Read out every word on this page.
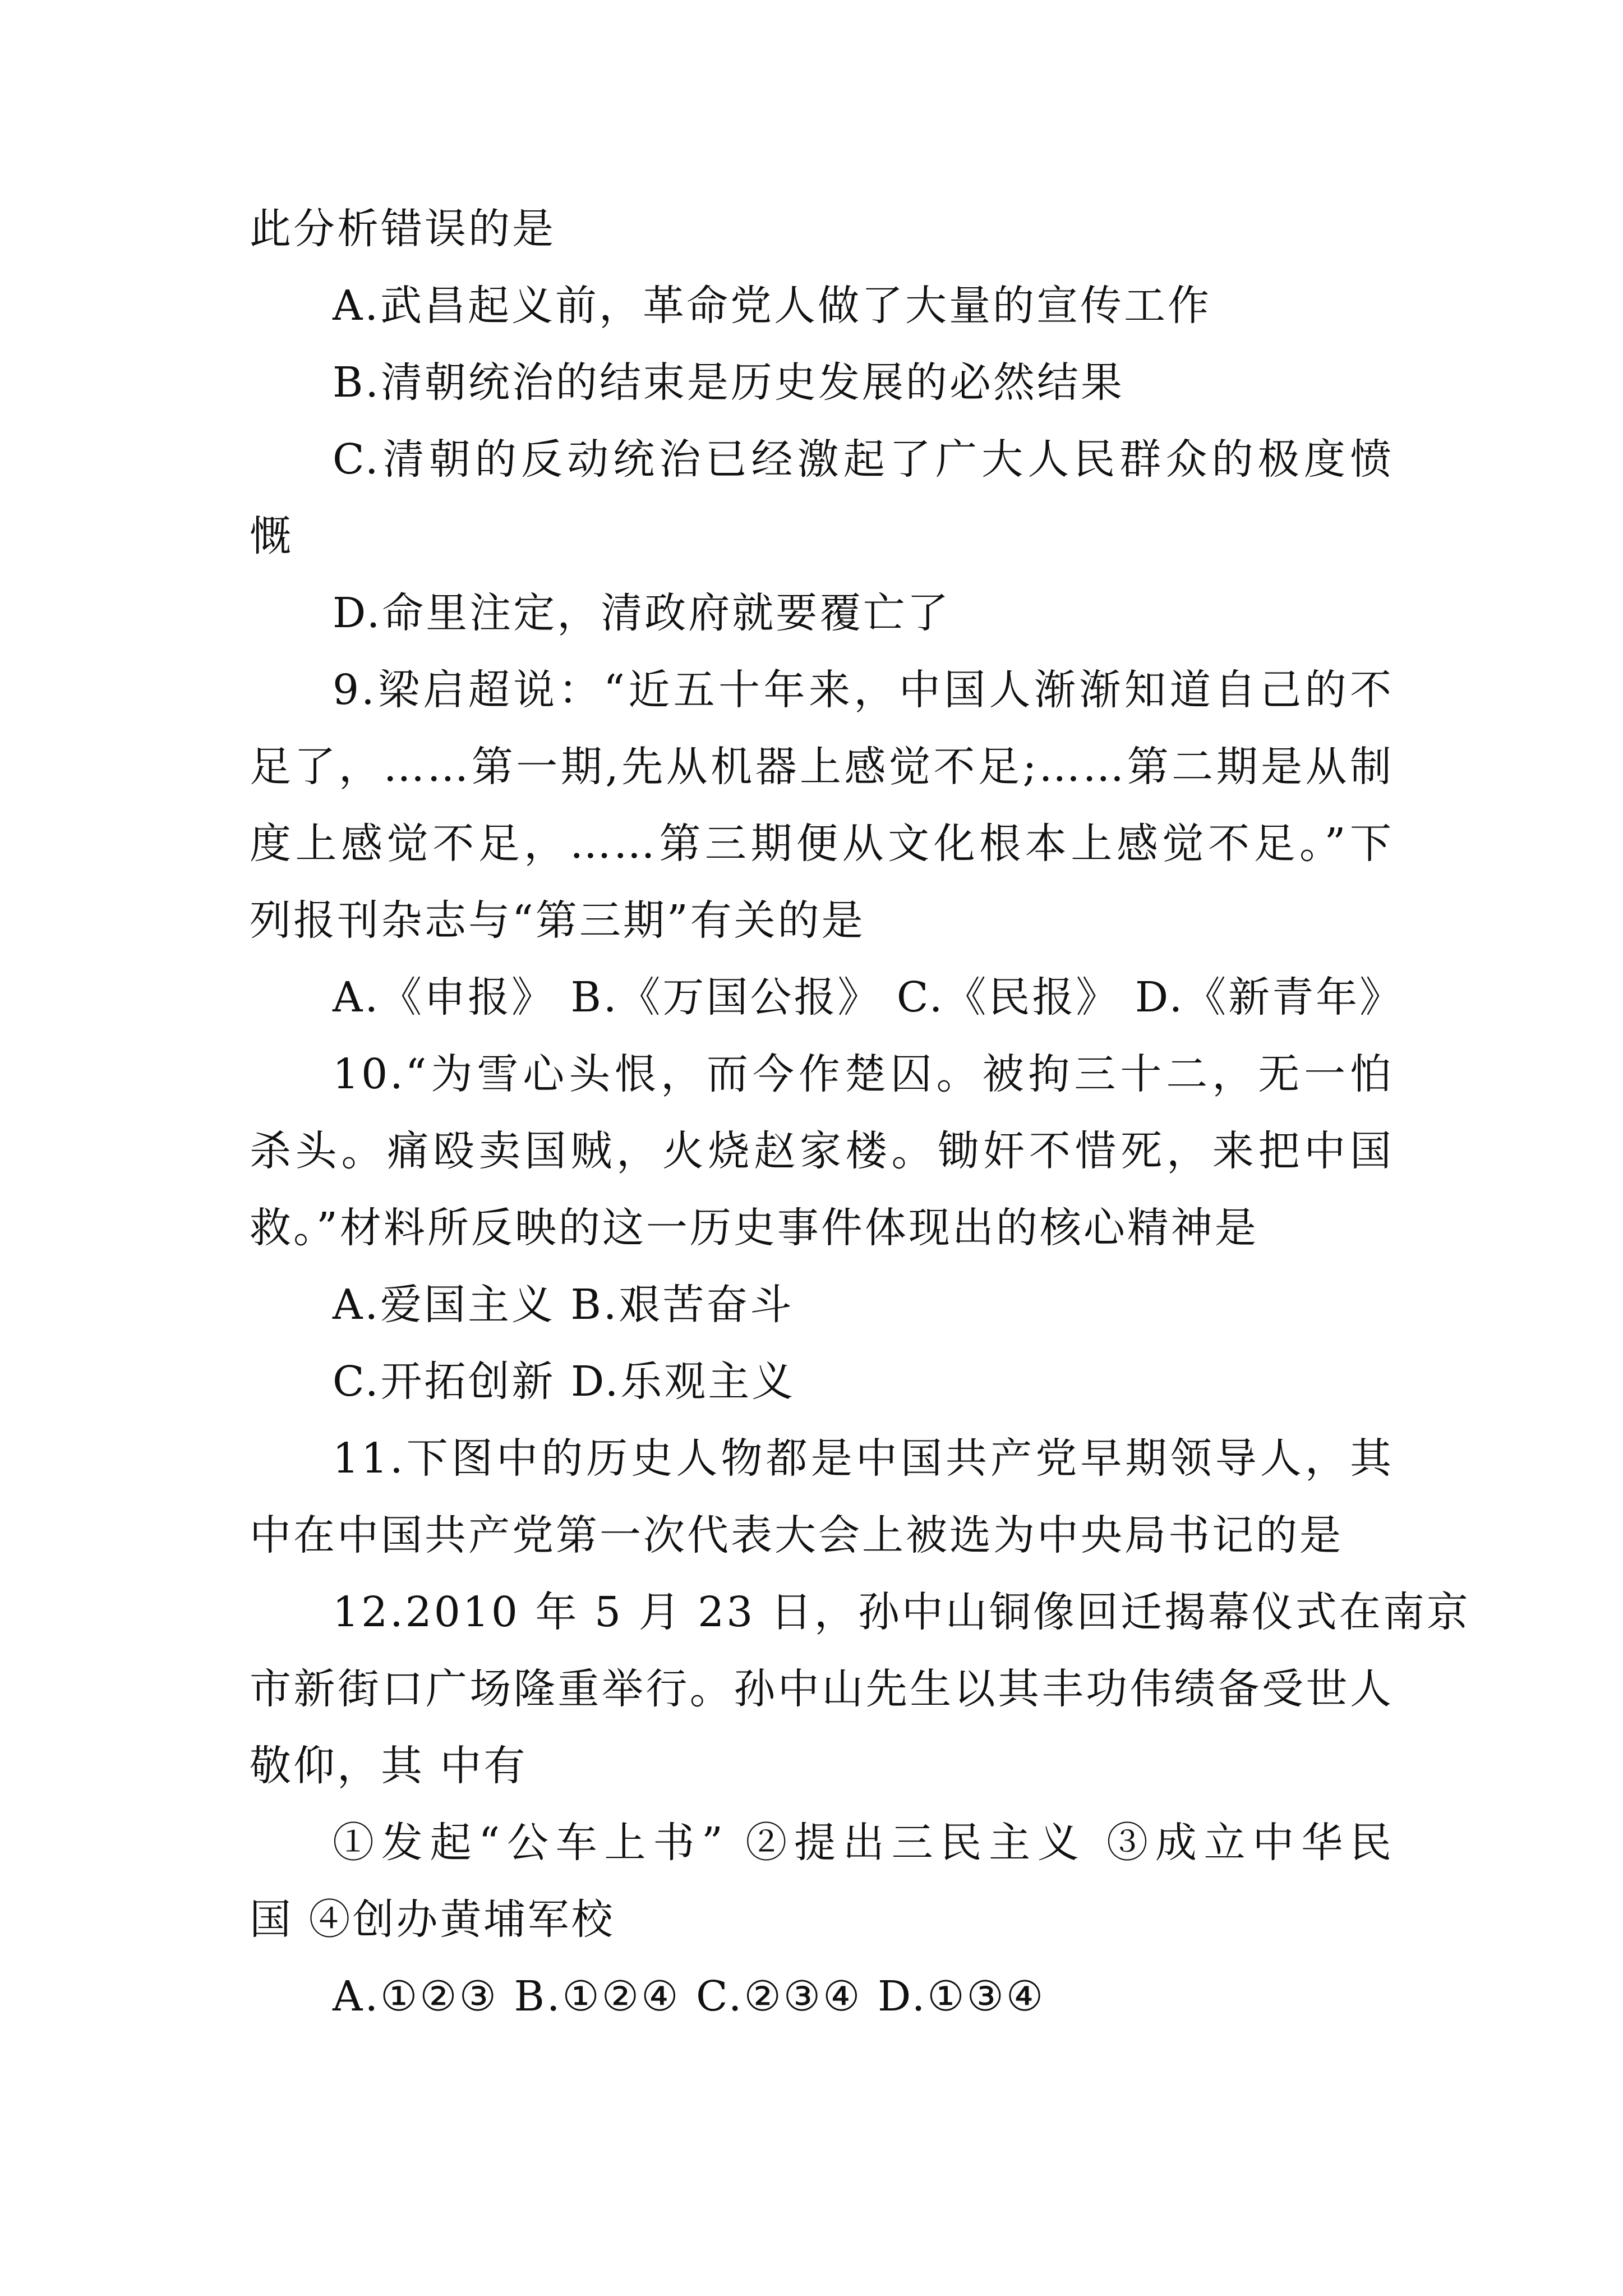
此分析错误的是
A.武昌起义前，革命党人做了大量的宣传工作
B.清朝统治的结束是历史发展的必然结果
C.清朝的反动统治已经激起了广大人民群众的极度愤
慨
D.命里注定，清政府就要覆亡了
9.梁启超说：“近五十年来，中国人渐渐知道自己的不
足了，……第一期,先从机器上感觉不足;……第二期是从制
度上感觉不足，……第三期便从文化根本上感觉不足。”下
列报刊杂志与“第三期”有关的是
A.《申报》 B.《万国公报》 C.《民报》 D.《新青年》
10.“为雪心头恨，而今作楚囚。被拘三十二，无一怕
杀头。痛殴卖国贼，火烧赵家楼。锄奸不惜死，来把中国
救。”材料所反映的这一历史事件体现出的核心精神是
A.爱国主义 B.艰苦奋斗
C.开拓创新 D.乐观主义
11.下图中的历史人物都是中国共产党早期领导人，其
中在中国共产党第一次代表大会上被选为中央局书记的是
12.2010 年 5 月 23 日，孙中山铜像回迁揭幕仪式在南京
市新街口广场隆重举行。孙中山先生以其丰功伟绩备受世人
敬仰，其 中有
①发起“公车上书” ②提出三民主义 ③成立中华民
国 ④创办黄埔军校
A.①②③ B.①②④ C.②③④ D.①③④
